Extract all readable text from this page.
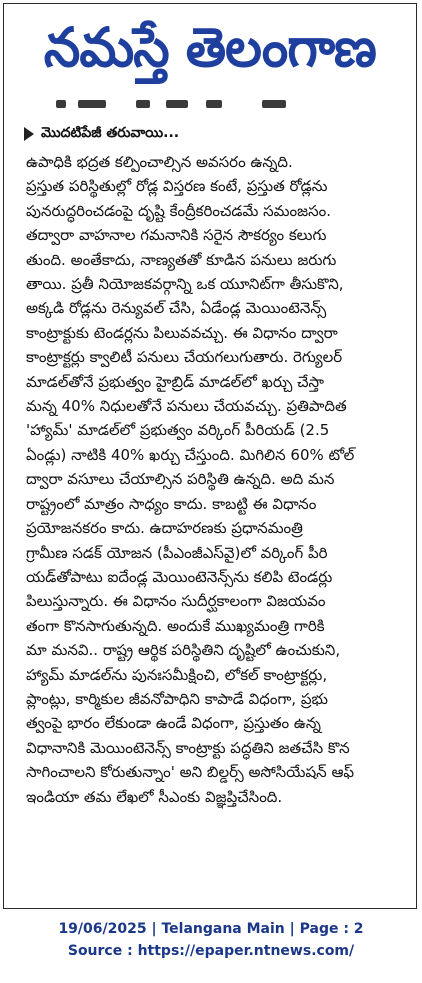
నమస్తే తెలంగాణ
మొదటిపేజీ తరువాయి...
ఉపాధికి భద్రత కల్పించాల్సిన అవసరం ఉన్నది.
ప్రస్తుత పరిస్థితుల్లో రోడ్ల విస్తరణ కంటే, ప్రస్తుత రోడ్లను
పునరుద్ధరించడంపై దృష్టి కేంద్రీకరించడమే సమంజసం.
తద్వారా వాహనాల గమనానికి సరైన సౌకర్యం కలుగు
తుంది. అంతేకాదు, నాణ్యతతో కూడిన పనులు జరుగు
తాయి. ప్రతీ నియోజకవర్గాన్ని ఒక యూనిట్‌గా తీసుకొని,
అక్కడి రోడ్లను రెన్యువల్ చేసి, ఏడేండ్ల మెయింటెనెన్స్
కాంట్రాక్టుకు టెండర్లను పిలువవచ్చు. ఈ విధానం ద్వారా
కాంట్రాక్టర్లు క్వాలిటీ పనులు చేయగలుగుతారు. రెగ్యులర్
మాడల్‌తోనే ప్రభుత్వం హైబ్రిడ్ మాడల్‌లో ఖర్చు చేస్తా
మన్న 40% నిధులతోనే పనులు చేయవచ్చు. ప్రతిపాదిత
'హ్యామ్' మాడల్‌లో ప్రభుత్వం వర్కింగ్ పీరియడ్ (2.5
ఏండ్లు) నాటికి 40% ఖర్చు చేస్తుంది. మిగిలిన 60% టోల్
ద్వారా వసూలు చేయాల్సిన పరిస్థితి ఉన్నది. అది మన
రాష్ట్రంలో మాత్రం సాధ్యం కాదు. కాబట్టి ఈ విధానం
ప్రయోజనకరం కాదు. ఉదాహరణకు ప్రధానమంత్రి
గ్రామీణ సడక్ యోజన (పీఎంజీఎస్‌వై)లో వర్కింగ్ పీరి
యడ్‌తోపాటు ఐదేండ్ల మెయింటెనెన్స్‌ను కలిపి టెండర్లు
పిలుస్తున్నారు. ఈ విధానం సుదీర్ఘకాలంగా విజయవం
తంగా కొనసాగుతున్నది. అందుకే ముఖ్యమంత్రి గారికి
మా మనవి.. రాష్ట్ర ఆర్థిక పరిస్థితిని దృష్టిలో ఉంచుకుని,
హ్యామ్ మాడల్‌ను పునఃసమీక్షించి, లోకల్ కాంట్రాక్టర్లు,
ప్లాంట్లు, కార్మికుల జీవనోపాధిని కాపాడే విధంగా, ప్రభు
త్వంపై భారం లేకుండా ఉండే విధంగా, ప్రస్తుతం ఉన్న
విధానానికి మెయింటెనెన్స్ కాంట్రాక్టు పద్ధతిని జతచేసి కొన
సాగించాలని కోరుతున్నాం' అని బిల్డర్స్ అసోసియేషన్ ఆఫ్
ఇండియా తమ లేఖలో సీఎంకు విజ్ఞప్తిచేసింది.
19/06/2025 | Telangana Main | Page : 2
Source : https://epaper.ntnews.com/
